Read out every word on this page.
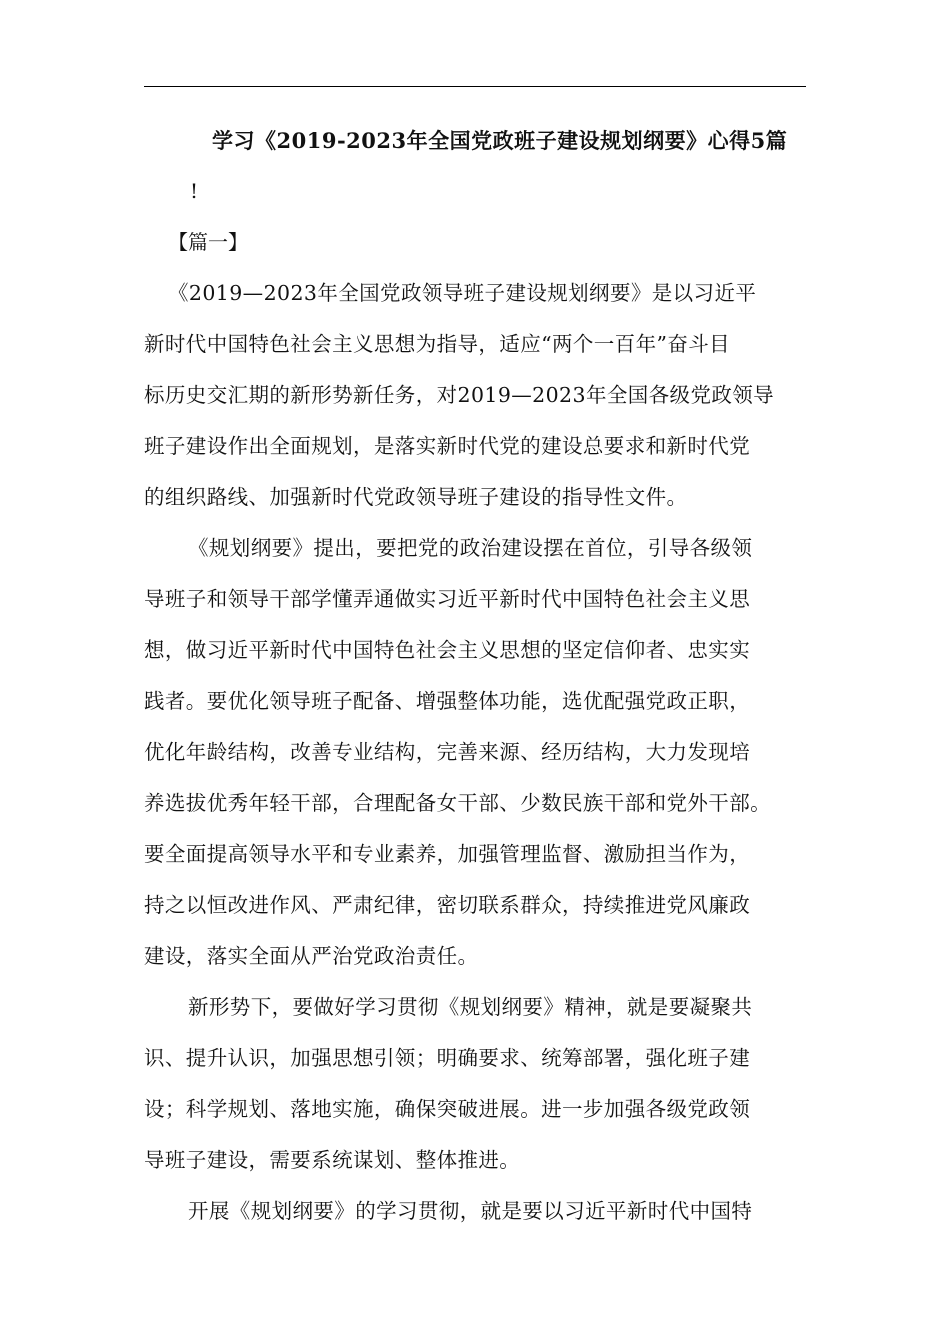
学习《2019-2023年全国党政班子建设规划纲要》心得5篇
!
【篇一】
《2019—2023年全国党政领导班子建设规划纲要》是以习近平
新时代中国特色社会主义思想为指导，适应“两个一百年”奋斗目
标历史交汇期的新形势新任务，对2019—2023年全国各级党政领导
班子建设作出全面规划，是落实新时代党的建设总要求和新时代党
的组织路线、加强新时代党政领导班子建设的指导性文件。
《规划纲要》提出，要把党的政治建设摆在首位，引导各级领
导班子和领导干部学懂弄通做实习近平新时代中国特色社会主义思
想，做习近平新时代中国特色社会主义思想的坚定信仰者、忠实实
践者。要优化领导班子配备、增强整体功能，选优配强党政正职，
优化年龄结构，改善专业结构，完善来源、经历结构，大力发现培
养选拔优秀年轻干部，合理配备女干部、少数民族干部和党外干部。
要全面提高领导水平和专业素养，加强管理监督、激励担当作为，
持之以恒改进作风、严肃纪律，密切联系群众，持续推进党风廉政
建设，落实全面从严治党政治责任。
新形势下，要做好学习贯彻《规划纲要》精神，就是要凝聚共
识、提升认识，加强思想引领；明确要求、统筹部署，强化班子建
设；科学规划、落地实施，确保突破进展。进一步加强各级党政领
导班子建设，需要系统谋划、整体推进。
开展《规划纲要》的学习贯彻，就是要以习近平新时代中国特
